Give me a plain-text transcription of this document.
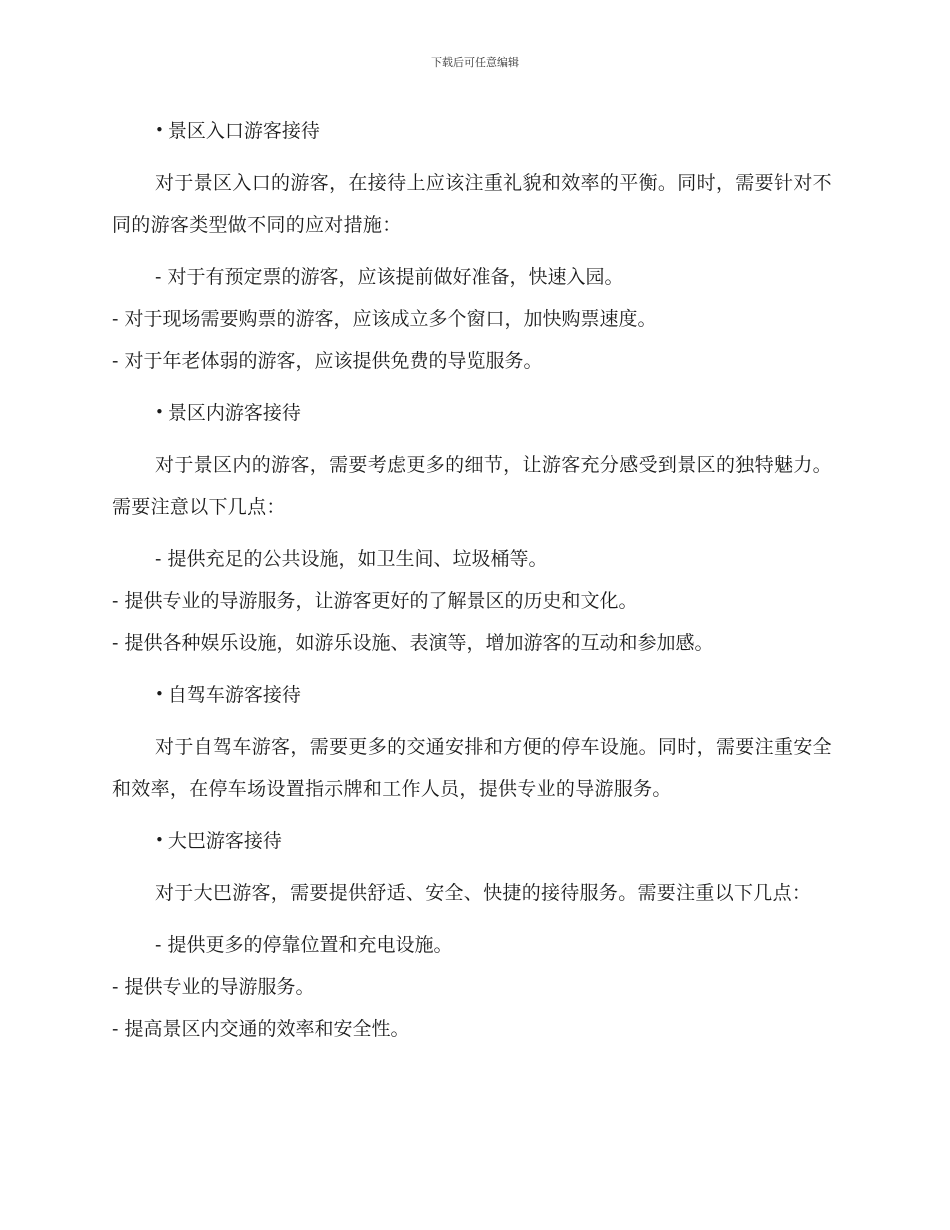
下载后可任意编辑
• 景区入口游客接待
对于景区入口的游客，在接待上应该注重礼貌和效率的平衡。同时，需要针对不同的游客类型做不同的应对措施：
- 对于有预定票的游客，应该提前做好准备，快速入园。
- 对于现场需要购票的游客，应该成立多个窗口，加快购票速度。
- 对于年老体弱的游客，应该提供免费的导览服务。
• 景区内游客接待
对于景区内的游客，需要考虑更多的细节，让游客充分感受到景区的独特魅力。需要注意以下几点：
- 提供充足的公共设施，如卫生间、垃圾桶等。
- 提供专业的导游服务，让游客更好的了解景区的历史和文化。
- 提供各种娱乐设施，如游乐设施、表演等，增加游客的互动和参加感。
• 自驾车游客接待
对于自驾车游客，需要更多的交通安排和方便的停车设施。同时，需要注重安全和效率，在停车场设置指示牌和工作人员，提供专业的导游服务。
• 大巴游客接待
对于大巴游客，需要提供舒适、安全、快捷的接待服务。需要注重以下几点：
- 提供更多的停靠位置和充电设施。
- 提供专业的导游服务。
- 提高景区内交通的效率和安全性。
